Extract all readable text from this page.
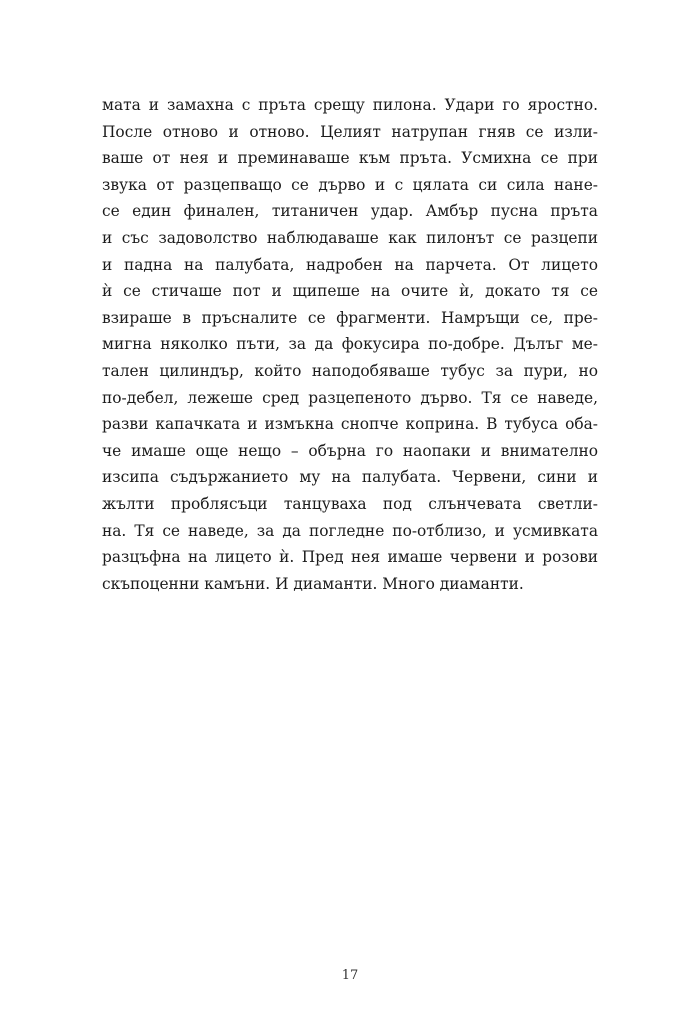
мата и замахна с пръта срещу пилона. Удари го яростно.
После отново и отново. Целият натрупан гняв се изли-
ваше от нея и преминаваше към пръта. Усмихна се при
звука от разцепващо се дърво и с цялата си сила нане-
се един финален, титаничен удар. Амбър пусна пръта
и със задоволство наблюдаваше как пилонът се разцепи
и падна на палубата, надробен на парчета. От лицето
ѝ се стичаше пот и щипеше на очите ѝ, докато тя се
взираше в пръсналите се фрагменти. Намръщи се, пре-
мигна няколко пъти, за да фокусира по-добре. Дълъг ме-
тален цилиндър, който наподобяваше тубус за пури, но
по-дебел, лежеше сред разцепеното дърво. Тя се наведе,
разви капачката и измъкна снопче коприна. В тубуса оба-
че имаше още нещо – обърна го наопаки и внимателно
изсипа съдържанието му на палубата. Червени, сини и
жълти проблясъци танцуваха под слънчевата светли-
на. Тя се наведе, за да погледне по-отблизо, и усмивката
разцъфна на лицето ѝ. Пред нея имаше червени и розови
скъпоценни камъни. И диаманти. Много диаманти.
17
